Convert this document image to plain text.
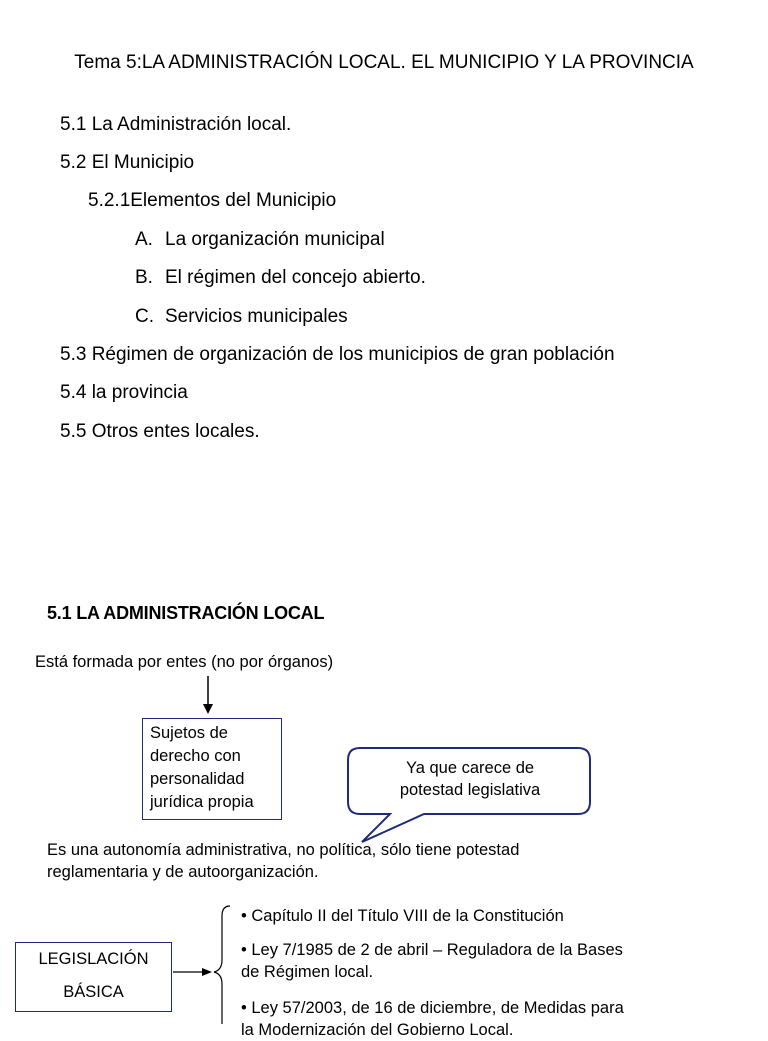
Tema 5:LA ADMINISTRACIÓN LOCAL. EL MUNICIPIO Y LA PROVINCIA
5.1 La Administración local.
5.2 El Municipio
5.2.1Elementos del Municipio
A. La organización municipal
B. El régimen del concejo abierto.
C. Servicios municipales
5.3 Régimen de organización de los municipios de gran población
5.4 la provincia
5.5 Otros entes locales.
5.1 LA ADMINISTRACIÓN LOCAL
Está formada por entes (no por órganos)
Sujetos de
derecho con
personalidad
jurídica propia
Ya que carece de
potestad legislativa
Es una autonomía administrativa, no política, sólo tiene potestad
reglamentaria y de autoorganización.
LEGISLACIÓN
BÁSICA
• Capítulo II del Título VIII de la Constitución
• Ley 7/1985 de 2 de abril – Reguladora de la Bases
de Régimen local.
• Ley 57/2003, de 16 de diciembre, de Medidas para
la Modernización del Gobierno Local.
